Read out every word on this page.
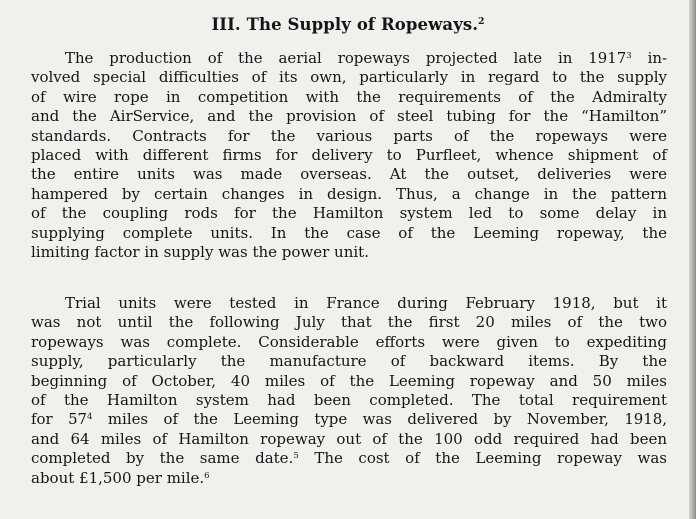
III. The Supply of Ropeways.$^2$
The production of the aerial ropeways projected late in 1917$^3$ in-
volved special difficulties of its own, particularly in regard to the supply
of wire rope in competition with the requirements of the Admiralty
and the AirService, and the provision of steel tubing for the “Hamilton”
standards. Contracts for the various parts of the ropeways were
placed with different firms for delivery to Purfleet, whence shipment of
the entire units was made overseas. At the outset, deliveries were
hampered by certain changes in design. Thus, a change in the pattern
of the coupling rods for the Hamilton system led to some delay in
supplying complete units. In the case of the Leeming ropeway, the
limiting factor in supply was the power unit.
Trial units were tested in France during February 1918, but it
was not until the following July that the first 20 miles of the two
ropeways was complete. Considerable efforts were given to expediting
supply, particularly the manufacture of backward items. By the
beginning of October, 40 miles of the Leeming ropeway and 50 miles
of the Hamilton system had been completed. The total requirement
for $57^4$ miles of the Leeming type was delivered by November, 1918,
and 64 miles of Hamilton ropeway out of the 100 odd required had been
completed by the same date.$^5$ The cost of the Leeming ropeway was
about £1,500 per mile.$^6$
